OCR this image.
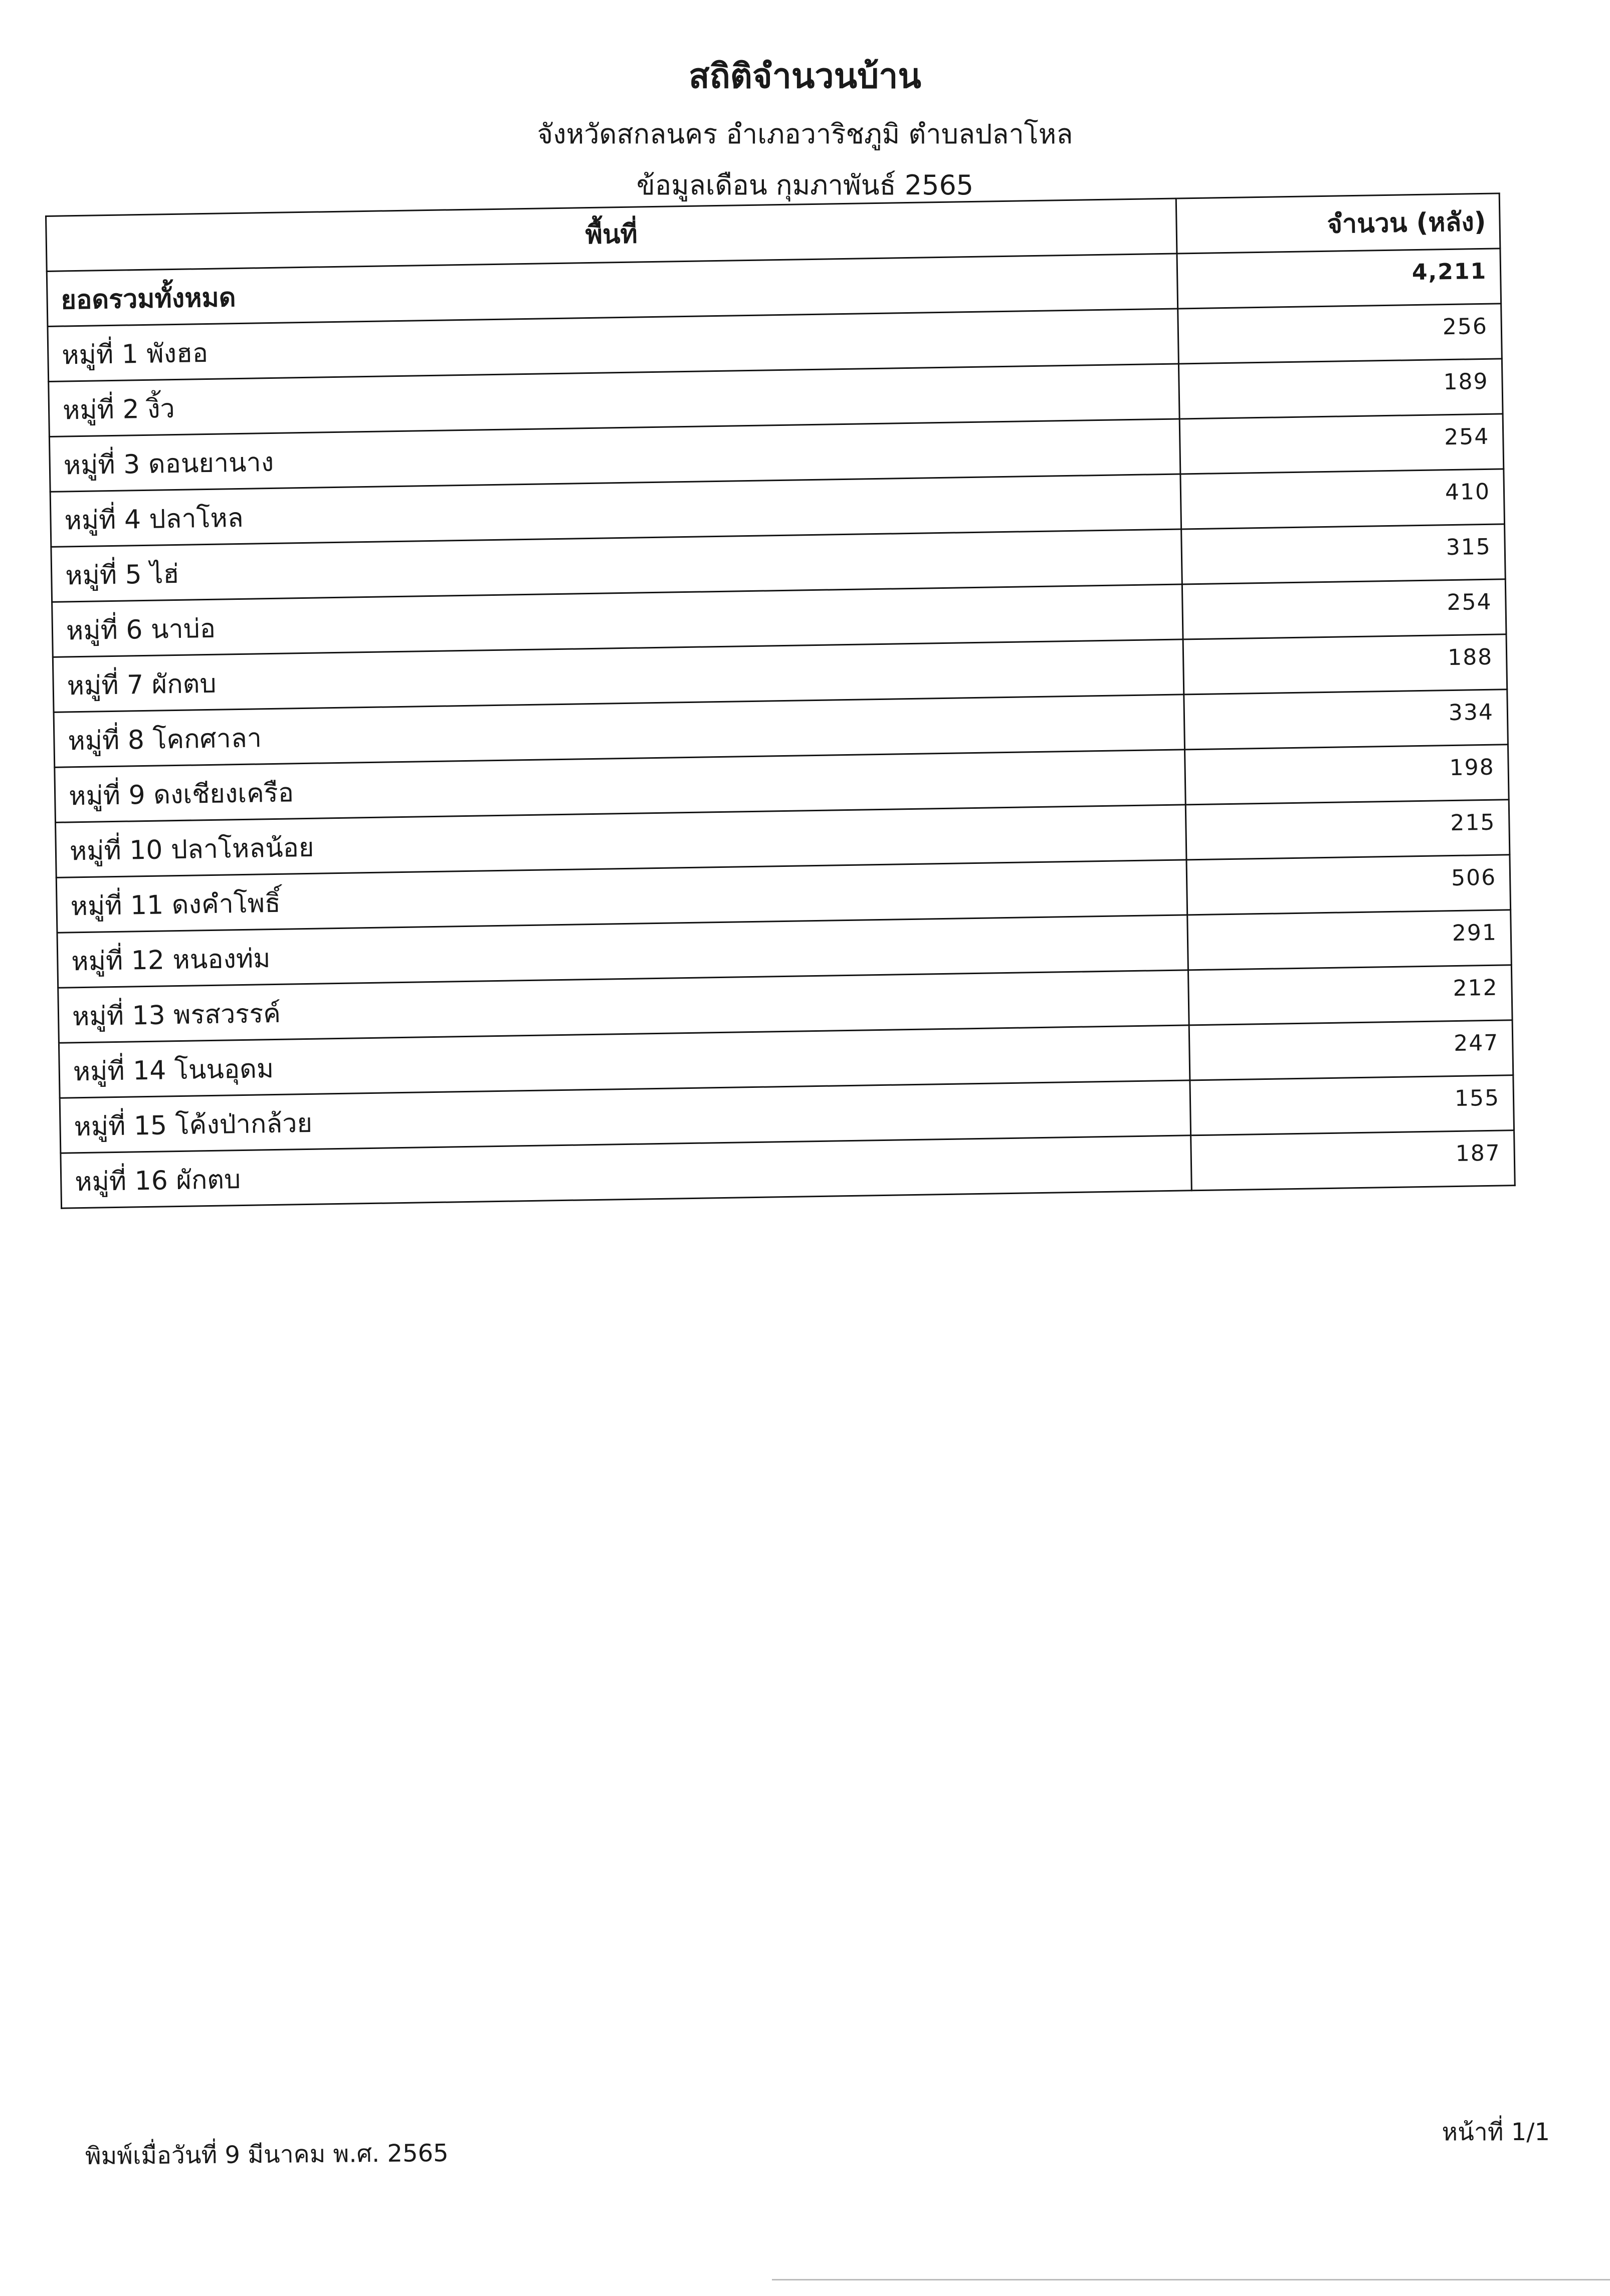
สถิติจำนวนบ้าน
จังหวัดสกลนคร อำเภอวาริชภูมิ ตำบลปลาโหล
ข้อมูลเดือน กุมภาพันธ์ 2565
พื้นที่	จำนวน (หลัง)
ยอดรวมทั้งหมด	4,211
หมู่ที่ 1 พังฮอ	256
หมู่ที่ 2 งิ้ว	189
หมู่ที่ 3 ดอนยานาง	254
หมู่ที่ 4 ปลาโหล	410
หมู่ที่ 5 ไฮ่	315
หมู่ที่ 6 นาบ่อ	254
หมู่ที่ 7 ผักตบ	188
หมู่ที่ 8 โคกศาลา	334
หมู่ที่ 9 ดงเชียงเครือ	198
หมู่ที่ 10 ปลาโหลน้อย	215
หมู่ที่ 11 ดงคำโพธิ์	506
หมู่ที่ 12 หนองท่ม	291
หมู่ที่ 13 พรสวรรค์	212
หมู่ที่ 14 โนนอุดม	247
หมู่ที่ 15 โค้งป่ากล้วย	155
หมู่ที่ 16 ผักตบ	187
หน้าที่ 1/1
พิมพ์เมื่อวันที่ 9 มีนาคม พ.ศ. 2565
